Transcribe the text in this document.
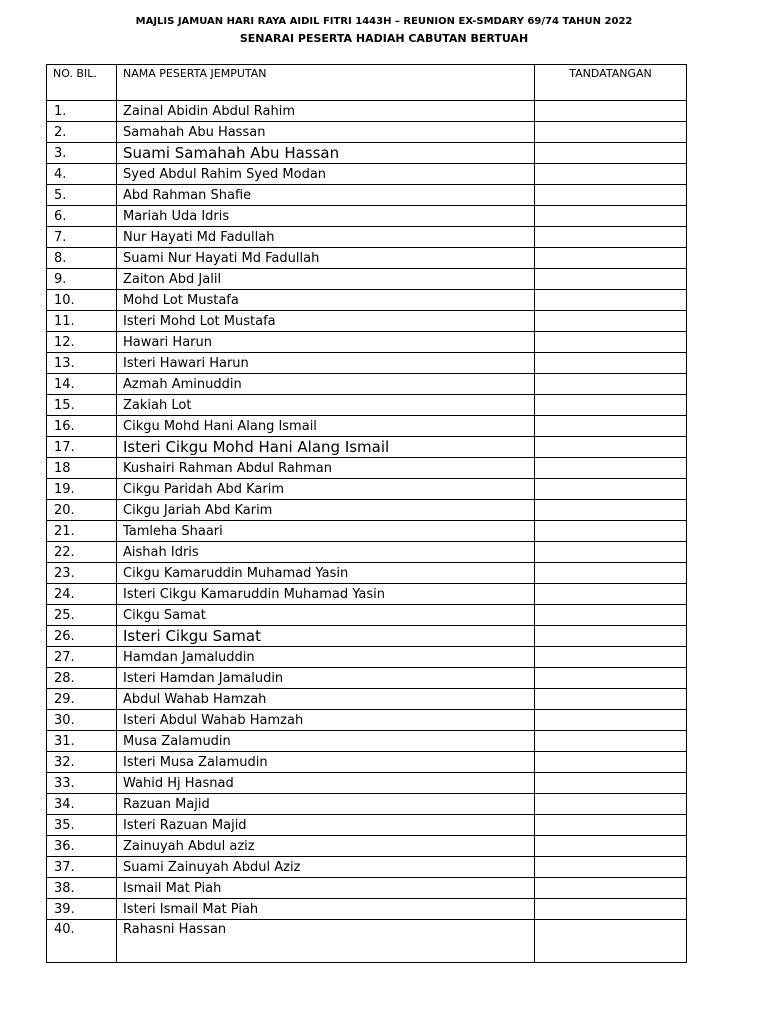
MAJLIS JAMUAN HARI RAYA AIDIL FITRI 1443H – REUNION EX-SMDARY 69/74 TAHUN 2022
SENARAI PESERTA HADIAH CABUTAN BERTUAH
NO. BIL.	NAMA PESERTA JEMPUTAN	TANDATANGAN
1.	Zainal Abidin Abdul Rahim	
2.	Samahah Abu Hassan	
3.	Suami Samahah Abu Hassan	
4.	Syed Abdul Rahim Syed Modan	
5.	Abd Rahman Shafie	
6.	Mariah Uda Idris	
7.	Nur Hayati Md Fadullah	
8.	Suami Nur Hayati Md Fadullah	
9.	Zaiton Abd Jalil	
10.	Mohd Lot Mustafa	
11.	Isteri Mohd Lot Mustafa	
12.	Hawari Harun	
13.	Isteri Hawari Harun	
14.	Azmah Aminuddin	
15.	Zakiah Lot	
16.	Cikgu Mohd Hani Alang Ismail	
17.	Isteri Cikgu Mohd Hani Alang Ismail	
18	Kushairi Rahman Abdul Rahman	
19.	Cikgu Paridah Abd Karim	
20.	Cikgu Jariah Abd Karim	
21.	Tamleha Shaari	
22.	Aishah Idris	
23.	Cikgu Kamaruddin Muhamad Yasin	
24.	Isteri Cikgu Kamaruddin Muhamad Yasin	
25.	Cikgu Samat	
26.	Isteri Cikgu Samat	
27.	Hamdan Jamaluddin	
28.	Isteri Hamdan Jamaludin	
29.	Abdul Wahab Hamzah	
30.	Isteri Abdul Wahab Hamzah	
31.	Musa Zalamudin	
32.	Isteri Musa Zalamudin	
33.	Wahid Hj Hasnad	
34.	Razuan Majid	
35.	Isteri Razuan Majid	
36.	Zainuyah Abdul aziz	
37.	Suami Zainuyah Abdul Aziz	
38.	Ismail Mat Piah	
39.	Isteri Ismail Mat Piah	
40.	Rahasni Hassan	
